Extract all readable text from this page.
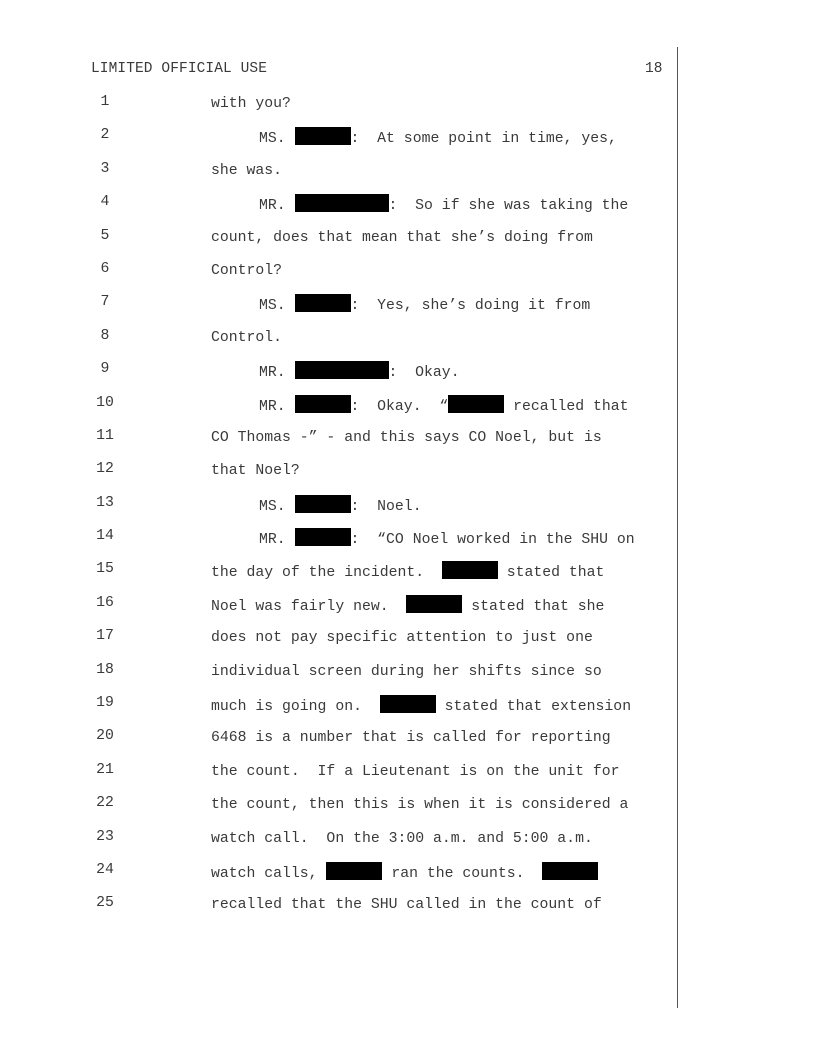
LIMITED OFFICIAL USE	18
1	with you?
2	MS.	:  At some point in time, yes,
3	she was.
4	MR.	:  So if she was taking the
5	count, does that mean that she’s doing from
6	Control?
7	MS.	:  Yes, she’s doing it from
8	Control.
9	MR.	:  Okay.
10	MR.	:  Okay.  “	recalled that
11	CO Thomas -” - and this says CO Noel, but is
12	that Noel?
13	MS.	:  Noel.
14	MR.	:  “CO Noel worked in the SHU on
15	the day of the incident.	stated that
16	Noel was fairly new.	stated that she
17	does not pay specific attention to just one
18	individual screen during her shifts since so
19	much is going on.	stated that extension
20	6468 is a number that is called for reporting
21	the count.  If a Lieutenant is on the unit for
22	the count, then this is when it is considered a
23	watch call.  On the 3:00 a.m. and 5:00 a.m.
24	watch calls,	ran the counts.
25	recalled that the SHU called in the count of
